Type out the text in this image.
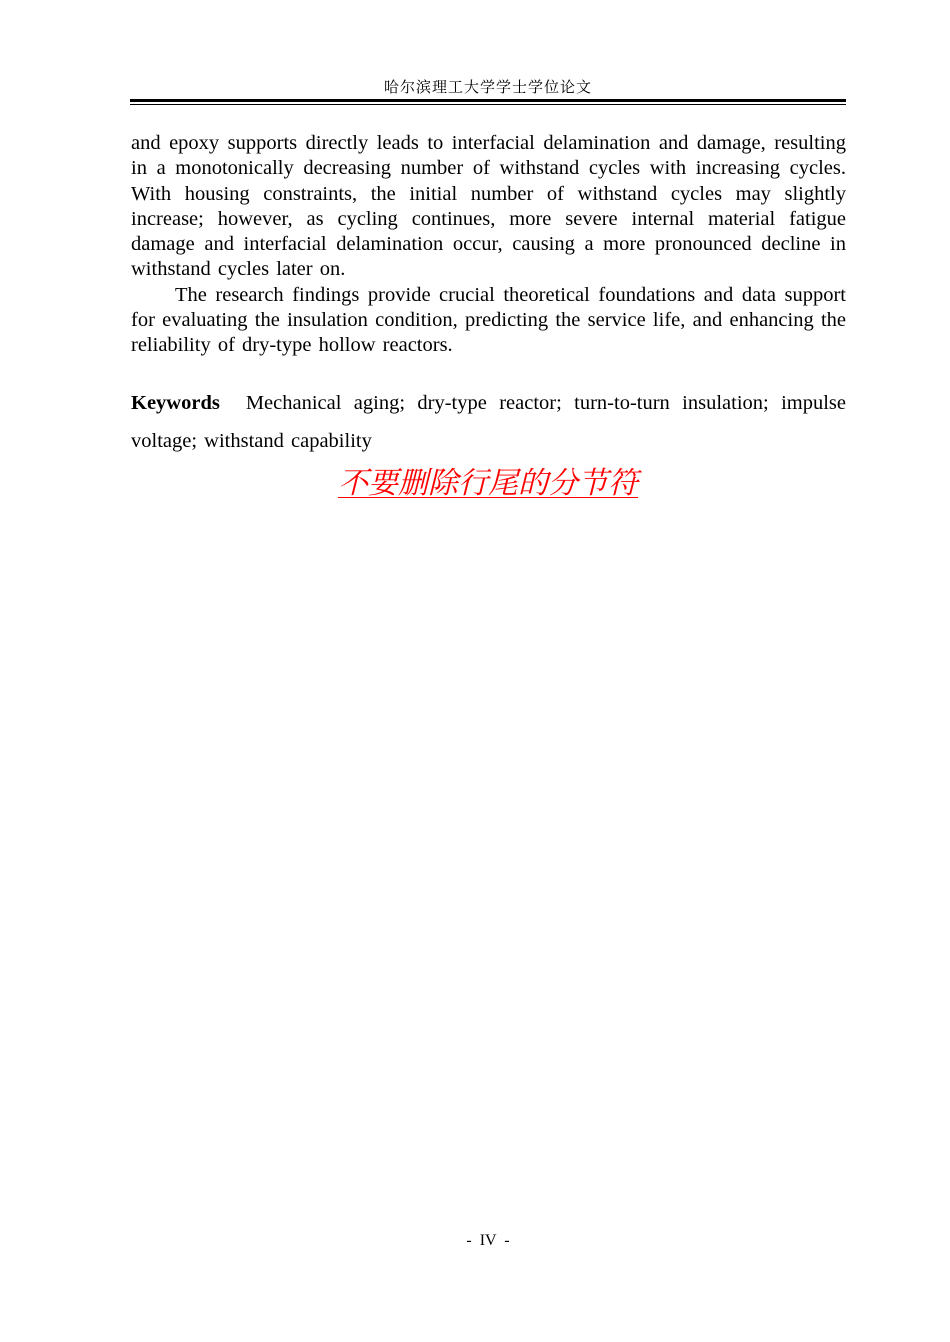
哈尔滨理工大学学士学位论文

and epoxy supports directly leads to interfacial delamination and damage, resulting in a monotonically decreasing number of withstand cycles with increasing cycles. With housing constraints, the initial number of withstand cycles may slightly increase; however, as cycling continues, more severe internal material fatigue damage and interfacial delamination occur, causing a more pronounced decline in withstand cycles later on.

The research findings provide crucial theoretical foundations and data support for evaluating the insulation condition, predicting the service life, and enhancing the reliability of dry-type hollow reactors.

Keywords Mechanical aging; dry-type reactor; turn-to-turn insulation; impulse voltage; withstand capability
不要删除行尾的分节符
- IV -
